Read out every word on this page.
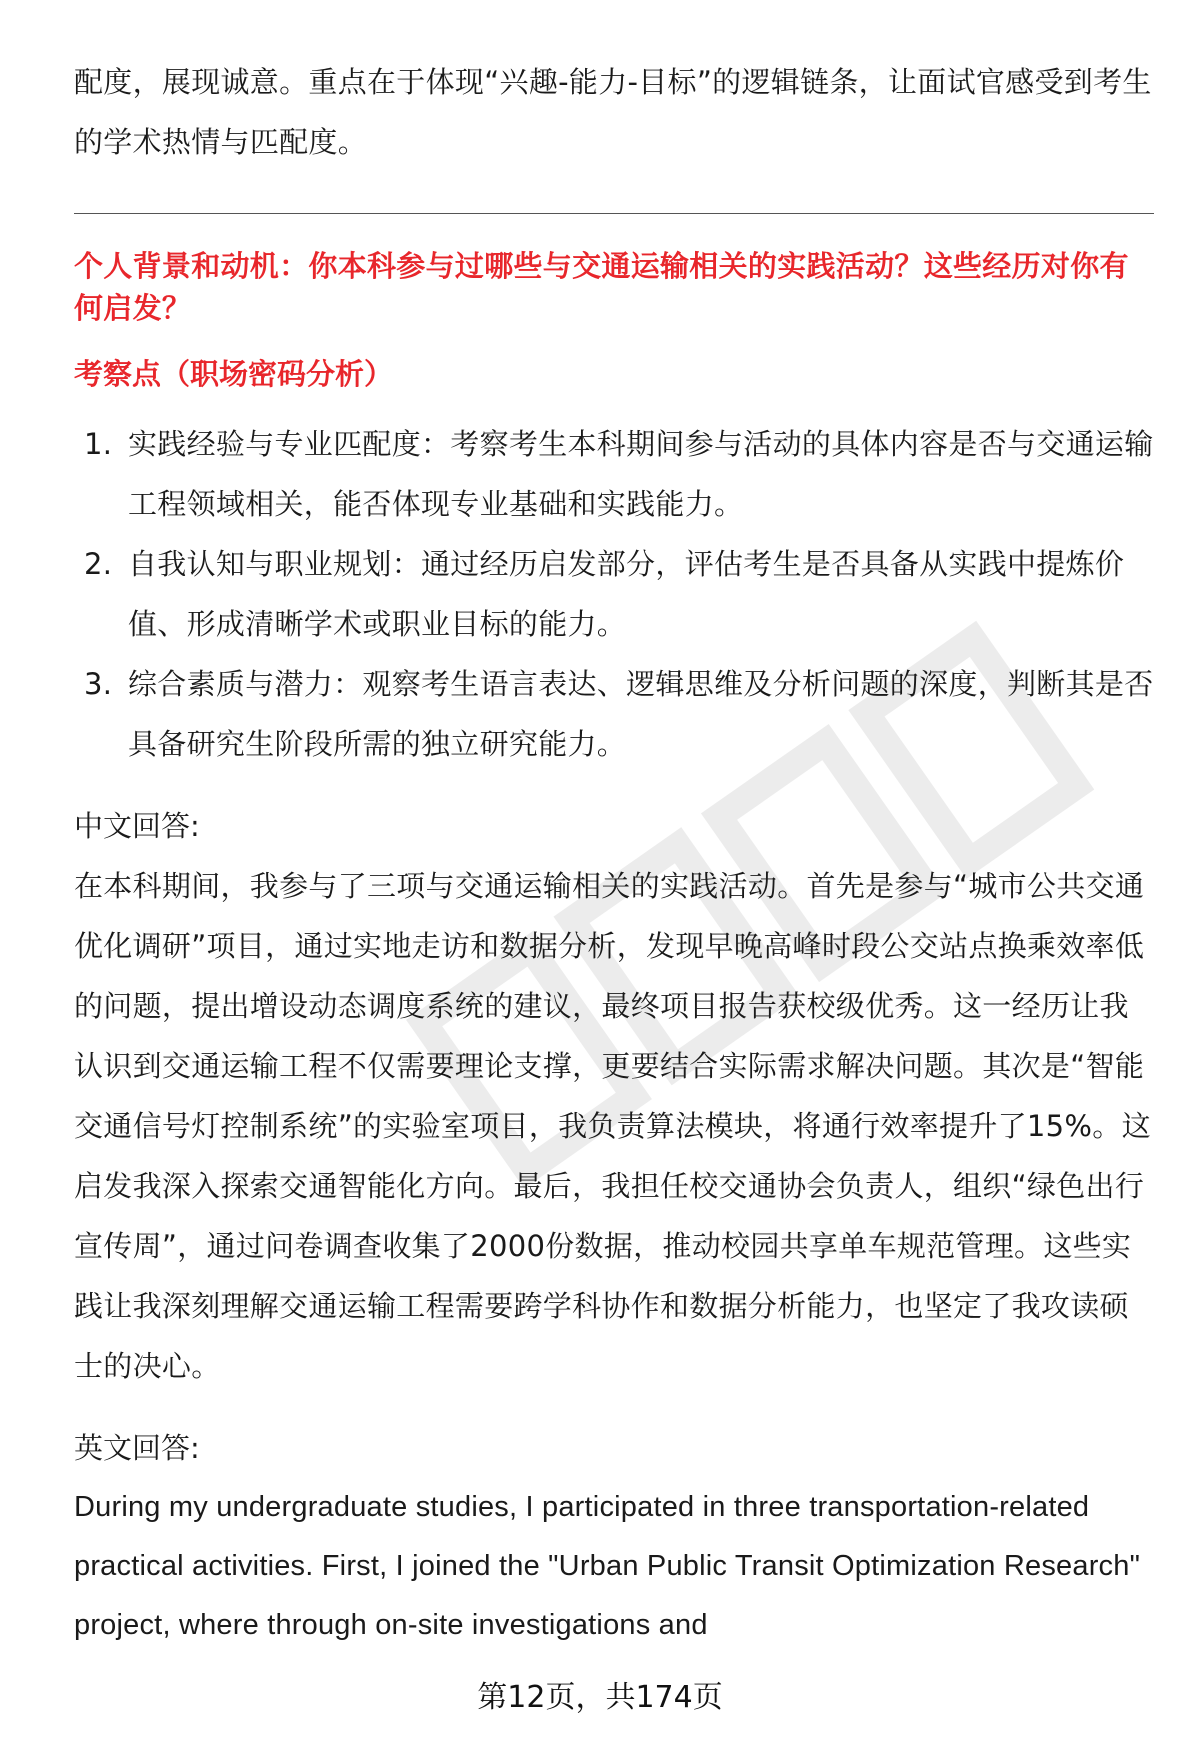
配度，展现诚意。重点在于体现“兴趣-能力-目标”的逻辑链条，让面试官感受到考生的学术热情与匹配度。

个人背景和动机：你本科参与过哪些与交通运输相关的实践活动？这些经历对你有何启发？

考察点（职场密码分析）

1. 实践经验与专业匹配度：考察考生本科期间参与活动的具体内容是否与交通运输工程领域相关，能否体现专业基础和实践能力。
2. 自我认知与职业规划：通过经历启发部分，评估考生是否具备从实践中提炼价值、形成清晰学术或职业目标的能力。
3. 综合素质与潜力：观察考生语言表达、逻辑思维及分析问题的深度，判断其是否具备研究生阶段所需的独立研究能力。

中文回答:

在本科期间，我参与了三项与交通运输相关的实践活动。首先是参与“城市公共交通优化调研”项目，通过实地走访和数据分析，发现早晚高峰时段公交站点换乘效率低的问题，提出增设动态调度系统的建议，最终项目报告获校级优秀。这一经历让我认识到交通运输工程不仅需要理论支撑，更要结合实际需求解决问题。其次是“智能交通信号灯控制系统”的实验室项目，我负责算法模块，将通行效率提升了15%。这启发我深入探索交通智能化方向。最后，我担任校交通协会负责人，组织“绿色出行宣传周”，通过问卷调查收集了2000份数据，推动校园共享单车规范管理。这些实践让我深刻理解交通运输工程需要跨学科协作和数据分析能力，也坚定了我攻读硕士的决心。

英文回答:

During my undergraduate studies, I participated in three transportation-related practical activities. First, I joined the "Urban Public Transit Optimization Research" project, where through on-site investigations and

第12页，共174页
